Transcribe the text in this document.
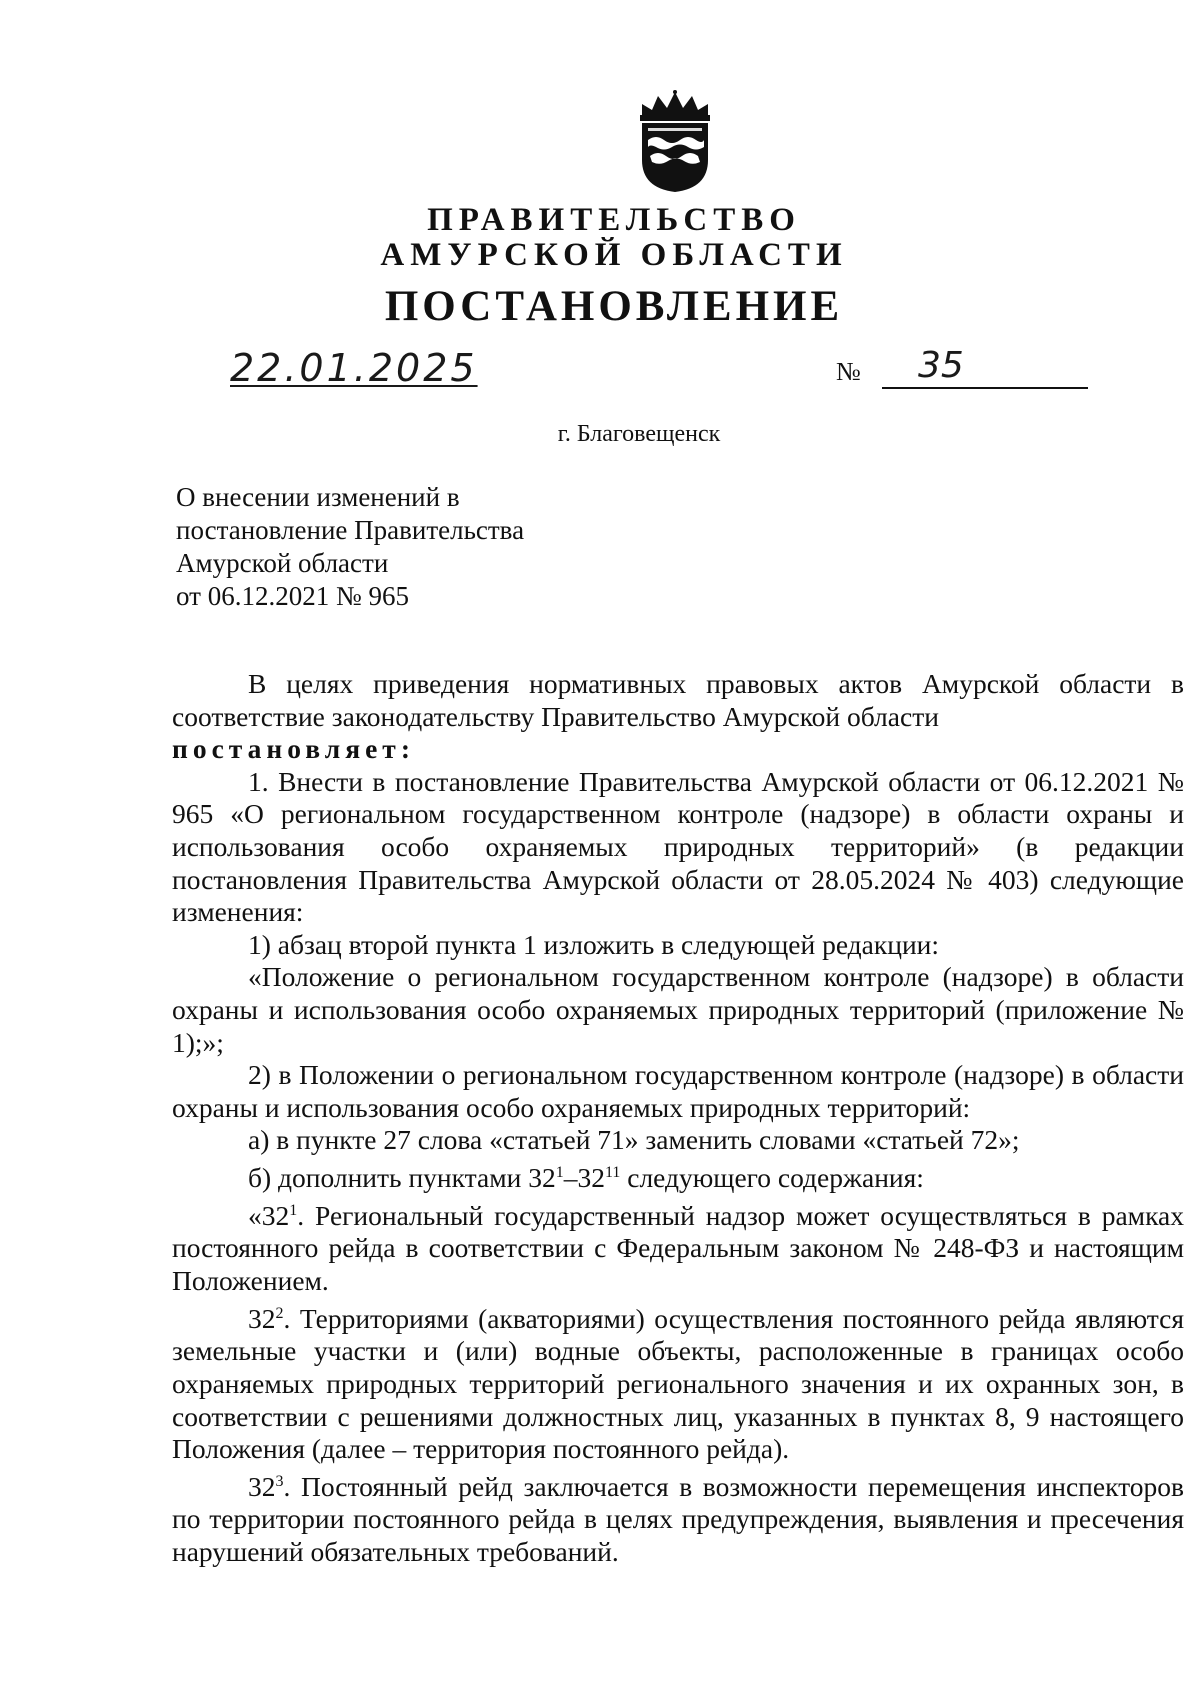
ПРАВИТЕЛЬСТВО
АМУРСКОЙ ОБЛАСТИ
ПОСТАНОВЛЕНИЕ
22.01.2025	№ 35
г. Благовещенск
О внесении изменений в
постановление Правительства
Амурской области
от 06.12.2021 № 965
В целях приведения нормативных правовых актов Амурской области в соответствие законодательству Правительство Амурской области
постановляет:
1. Внести в постановление Правительства Амурской области от 06.12.2021 № 965 «О региональном государственном контроле (надзоре) в области охраны и использования особо охраняемых природных территорий» (в редакции постановления Правительства Амурской области от 28.05.2024 № 403) следующие изменения:
1) абзац второй пункта 1 изложить в следующей редакции:
«Положение о региональном государственном контроле (надзоре) в области охраны и использования особо охраняемых природных территорий (приложение № 1);»;
2) в Положении о региональном государственном контроле (надзоре) в области охраны и использования особо охраняемых природных территорий:
а) в пункте 27 слова «статьей 71» заменить словами «статьей 72»;
б) дополнить пунктами $32^1-32^{11}$ следующего содержания:
«$32^1$. Региональный государственный надзор может осуществляться в рамках постоянного рейда в соответствии с Федеральным законом № 248-ФЗ и настоящим Положением.
$32^2$. Территориями (акваториями) осуществления постоянного рейда являются земельные участки и (или) водные объекты, расположенные в границах особо охраняемых природных территорий регионального значения и их охранных зон, в соответствии с решениями должностных лиц, указанных в пунктах 8, 9 настоящего Положения (далее – территория постоянного рейда).
$32^3$. Постоянный рейд заключается в возможности перемещения инспекторов по территории постоянного рейда в целях предупреждения, выявления и пресечения нарушений обязательных требований.
